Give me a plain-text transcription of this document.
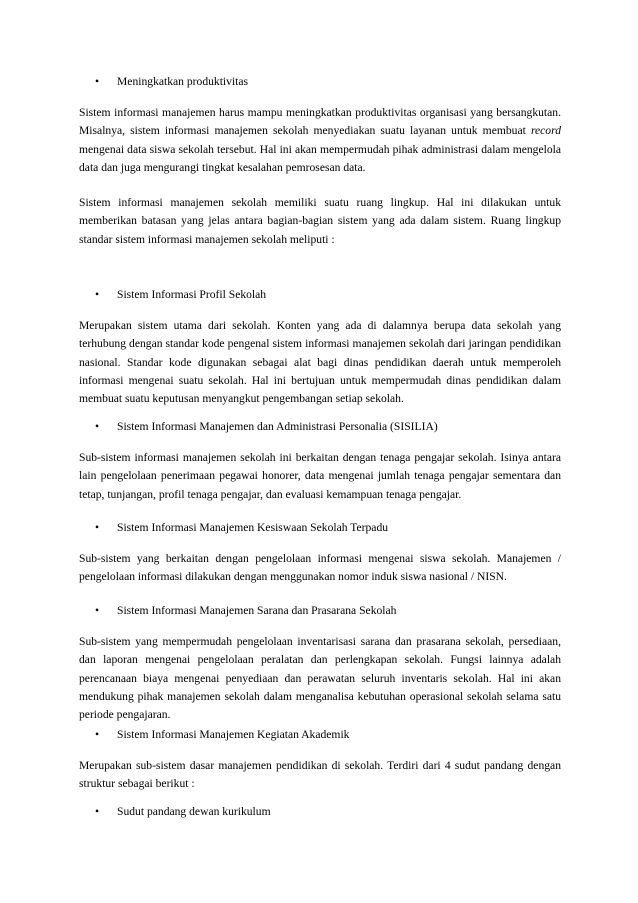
• Meningkatkan produktivitas

Sistem informasi manajemen harus mampu meningkatkan produktivitas organisasi yang bersangkutan. Misalnya, sistem informasi manajemen sekolah menyediakan suatu layanan untuk membuat record mengenai data siswa sekolah tersebut. Hal ini akan mempermudah pihak administrasi dalam mengelola data dan juga mengurangi tingkat kesalahan pemrosesan data.

Sistem informasi manajemen sekolah memiliki suatu ruang lingkup. Hal ini dilakukan untuk memberikan batasan yang jelas antara bagian-bagian sistem yang ada dalam sistem. Ruang lingkup standar sistem informasi manajemen sekolah meliputi :

• Sistem Informasi Profil Sekolah

Merupakan sistem utama dari sekolah. Konten yang ada di dalamnya berupa data sekolah yang terhubung dengan standar kode pengenal sistem informasi manajemen sekolah dari jaringan pendidikan nasional. Standar kode digunakan sebagai alat bagi dinas pendidikan daerah untuk memperoleh informasi mengenai suatu sekolah. Hal ini bertujuan untuk mempermudah dinas pendidikan dalam membuat suatu keputusan menyangkut pengembangan setiap sekolah.

• Sistem Informasi Manajemen dan Administrasi Personalia (SISILIA)

Sub-sistem informasi manajemen sekolah ini berkaitan dengan tenaga pengajar sekolah. Isinya antara lain pengelolaan penerimaan pegawai honorer, data mengenai jumlah tenaga pengajar sementara dan tetap, tunjangan, profil tenaga pengajar, dan evaluasi kemampuan tenaga pengajar.

• Sistem Informasi Manajemen Kesiswaan Sekolah Terpadu

Sub-sistem yang berkaitan dengan pengelolaan informasi mengenai siswa sekolah. Manajemen / pengelolaan informasi dilakukan dengan menggunakan nomor induk siswa nasional / NISN.

• Sistem Informasi Manajemen Sarana dan Prasarana Sekolah

Sub-sistem yang mempermudah pengelolaan inventarisasi sarana dan prasarana sekolah, persediaan, dan laporan mengenai pengelolaan peralatan dan perlengkapan sekolah. Fungsi lainnya adalah perencanaan biaya mengenai penyediaan dan perawatan seluruh inventaris sekolah. Hal ini akan mendukung pihak manajemen sekolah dalam menganalisa kebutuhan operasional sekolah selama satu periode pengajaran.

• Sistem Informasi Manajemen Kegiatan Akademik

Merupakan sub-sistem dasar manajemen pendidikan di sekolah. Terdiri dari 4 sudut pandang dengan struktur sebagai berikut :

• Sudut pandang dewan kurikulum
